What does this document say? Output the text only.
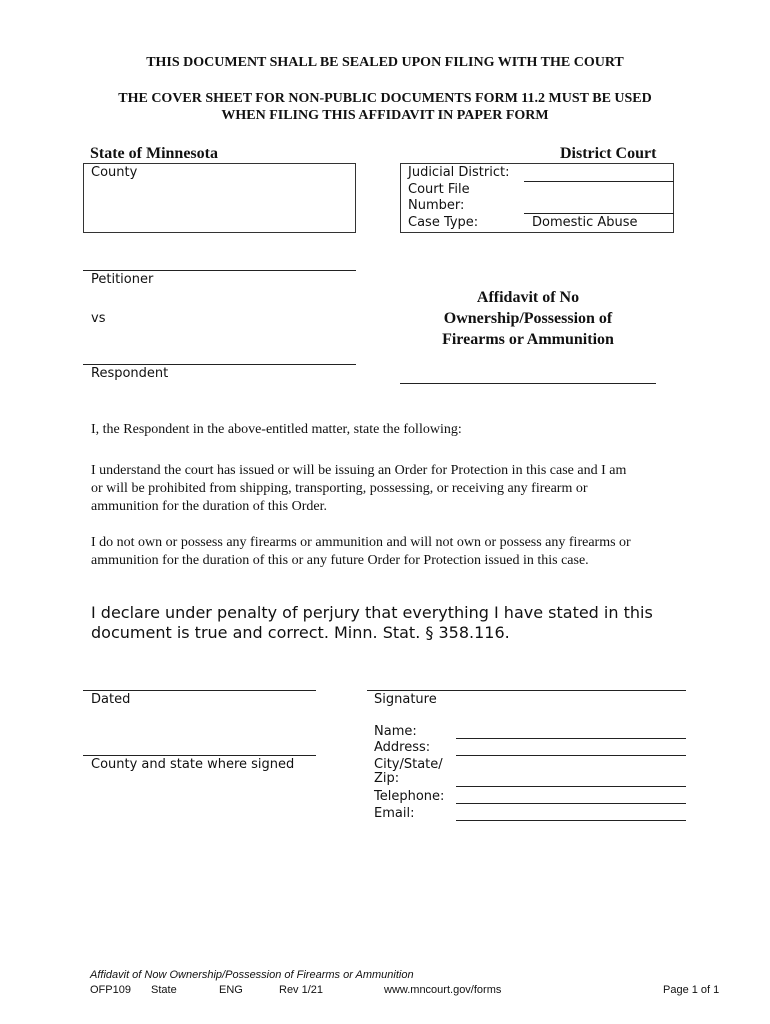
THIS DOCUMENT SHALL BE SEALED UPON FILING WITH THE COURT
THE COVER SHEET FOR NON-PUBLIC DOCUMENTS FORM 11.2 MUST BE USED
WHEN FILING THIS AFFIDAVIT IN PAPER FORM
State of Minnesota	District Court
County	Judicial District:
Court File
Number:
Case Type:	Domestic Abuse
Petitioner
vs
Respondent
Affidavit of No
Ownership/Possession of
Firearms or Ammunition
I, the Respondent in the above-entitled matter, state the following:
I understand the court has issued or will be issuing an Order for Protection in this case and I am
or will be prohibited from shipping, transporting, possessing, or receiving any firearm or
ammunition for the duration of this Order.
I do not own or possess any firearms or ammunition and will not own or possess any firearms or
ammunition for the duration of this or any future Order for Protection issued in this case.
I declare under penalty of perjury that everything I have stated in this
document is true and correct. Minn. Stat. § 358.116.
Dated
County and state where signed
Signature
Name:
Address:
City/State/
Zip:
Telephone:
Email:
Affidavit of Now Ownership/Possession of Firearms or Ammunition
OFP109 State	ENG	Rev 1/21	www.mncourt.gov/forms	Page 1 of 1
